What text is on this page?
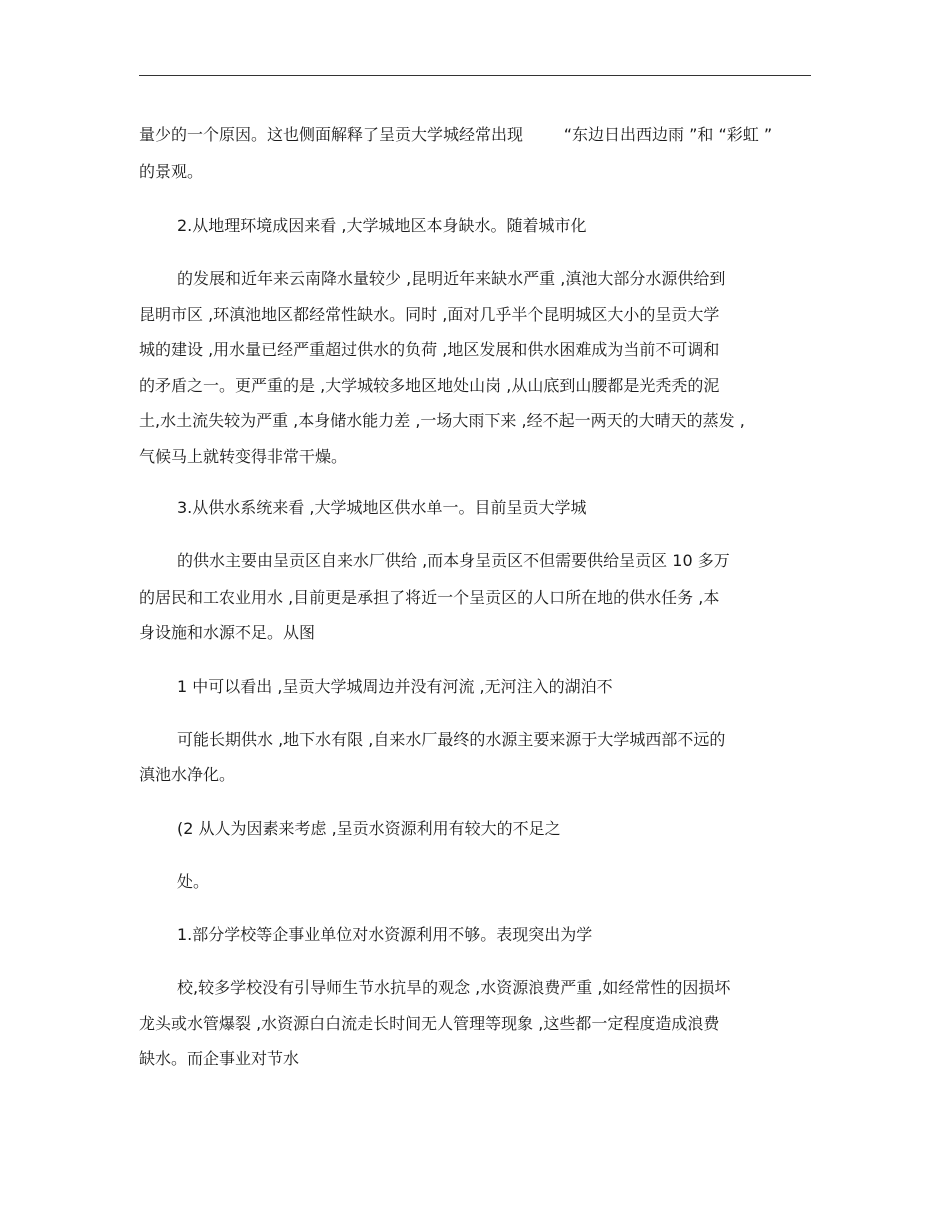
量少的一个原因。这也侧面解释了呈贡大学城经常出现        “东边日出西边雨 ”和 “彩虹 ”
的景观。
2.从地理环境成因来看 ,大学城地区本身缺水。随着城市化
的发展和近年来云南降水量较少 ,昆明近年来缺水严重 ,滇池大部分水源供给到
昆明市区 ,环滇池地区都经常性缺水。同时 ,面对几乎半个昆明城区大小的呈贡大学
城的建设 ,用水量已经严重超过供水的负荷 ,地区发展和供水困难成为当前不可调和
的矛盾之一。更严重的是 ,大学城较多地区地处山岗 ,从山底到山腰都是光秃秃的泥
土,水土流失较为严重 ,本身储水能力差 ,一场大雨下来 ,经不起一两天的大晴天的蒸发 ,
气候马上就转变得非常干燥。
3.从供水系统来看 ,大学城地区供水单一。目前呈贡大学城
的供水主要由呈贡区自来水厂供给 ,而本身呈贡区不但需要供给呈贡区 10 多万
的居民和工农业用水 ,目前更是承担了将近一个呈贡区的人口所在地的供水任务 ,本
身设施和水源不足。从图
1 中可以看出 ,呈贡大学城周边并没有河流 ,无河注入的湖泊不
可能长期供水 ,地下水有限 ,自来水厂最终的水源主要来源于大学城西部不远的
滇池水净化。
(2 从人为因素来考虑 ,呈贡水资源利用有较大的不足之
处。
1.部分学校等企事业单位对水资源利用不够。表现突出为学
校,较多学校没有引导师生节水抗旱的观念 ,水资源浪费严重 ,如经常性的因损坏
龙头或水管爆裂 ,水资源白白流走长时间无人管理等现象 ,这些都一定程度造成浪费
缺水。而企事业对节水
